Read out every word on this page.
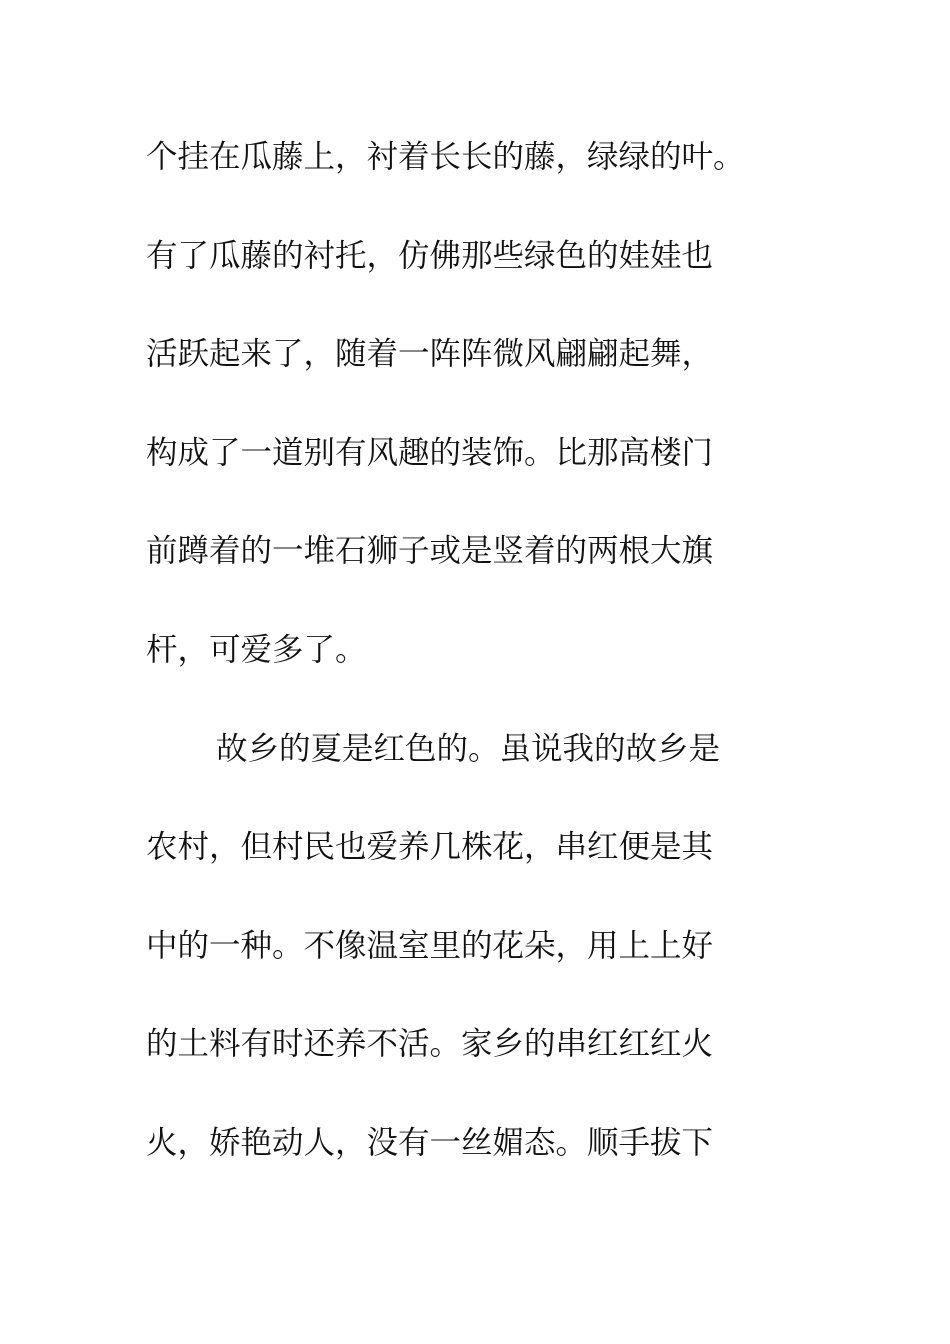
个挂在瓜藤上，衬着长长的藤，绿绿的叶。
有了瓜藤的衬托，仿佛那些绿色的娃娃也
活跃起来了，随着一阵阵微风翩翩起舞，
构成了一道别有风趣的装饰。比那高楼门
前蹲着的一堆石狮子或是竖着的两根大旗
杆，可爱多了。
故乡的夏是红色的。虽说我的故乡是
农村，但村民也爱养几株花，串红便是其
中的一种。不像温室里的花朵，用上上好
的土料有时还养不活。家乡的串红红红火
火，娇艳动人，没有一丝媚态。顺手拔下
